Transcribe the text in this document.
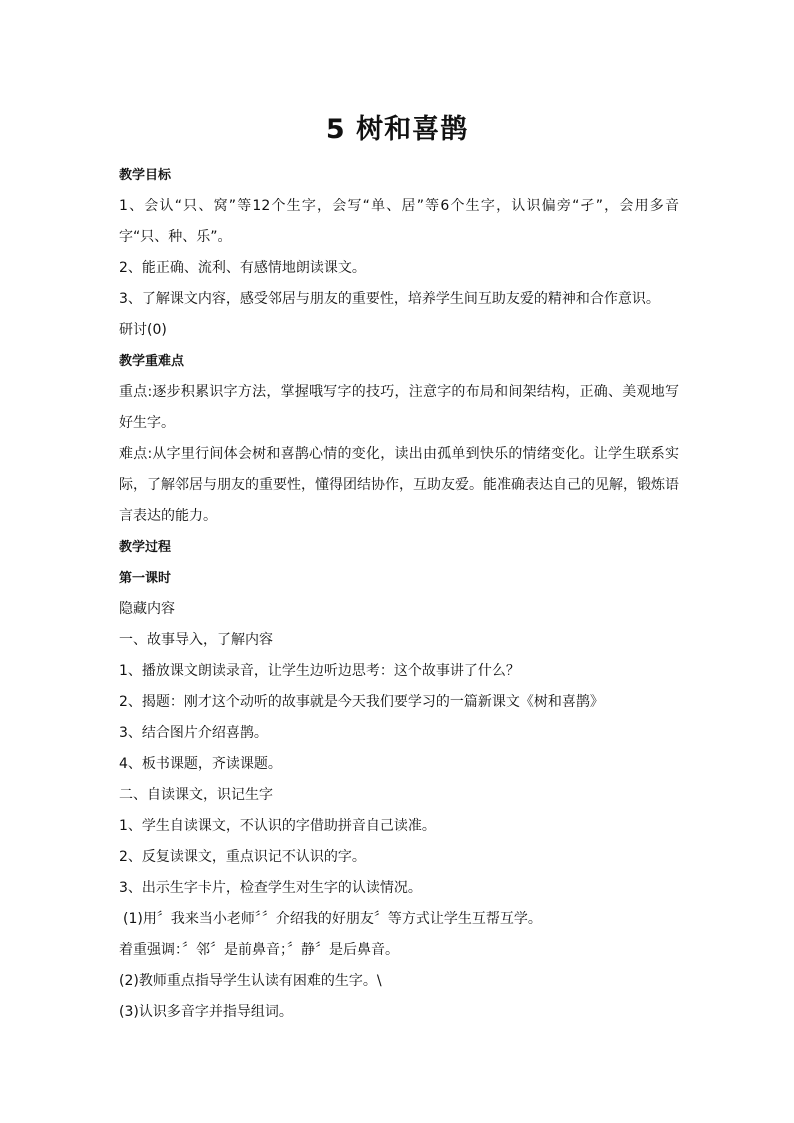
5 树和喜鹊

教学目标

1、会认“只、窝”等12个生字，会写“单、居”等6个生字，认识偏旁“孑”，会用多音字“只、种、乐”。

2、能正确、流利、有感情地朗读课文。

3、了解课文内容，感受邻居与朋友的重要性，培养学生间互助友爱的精神和合作意识。

研讨(0)

教学重难点

重点:逐步积累识字方法，掌握哦写字的技巧，注意字的布局和间架结构，正确、美观地写好生字。

难点:从字里行间体会树和喜鹊心情的变化，读出由孤单到快乐的情绪变化。让学生联系实际，了解邻居与朋友的重要性，懂得团结协作，互助友爱。能准确表达自己的见解，锻炼语言表达的能力。

教学过程

第一课时

隐藏内容

一、故事导入，了解内容

1、播放课文朗读录音，让学生边听边思考：这个故事讲了什么？

2、揭题：刚才这个动听的故事就是今天我们要学习的一篇新课文《树和喜鹊》

3、结合图片介绍喜鹊。

4、板书课题，齐读课题。

二、自读课文，识记生字

1、学生自读课文，不认识的字借助拼音自己读准。

2、反复读课文，重点识记不认识的字。

3、出示生字卡片，检查学生对生字的认读情况。

(1)用〞我来当小老师〞〞介绍我的好朋友〞等方式让学生互帮互学。

着重强调：〞邻〞是前鼻音；〞静〞是后鼻音。

(2)教师重点指导学生认读有困难的生字。\

(3)认识多音字并指导组词。
